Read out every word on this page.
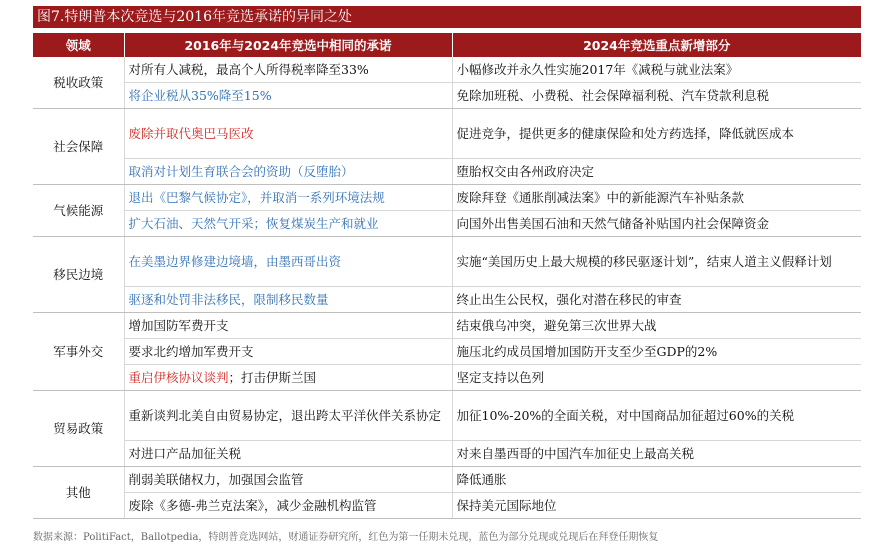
图7.特朗普本次竞选与2016年竞选承诺的异同之处
领域	2016年与2024年竞选中相同的承诺	2024年竞选重点新增部分
税收政策	对所有人减税，最高个人所得税率降至33%	小幅修改并永久性实施2017年《减税与就业法案》
	将企业税从35%降至15%	免除加班税、小费税、社会保障福利税、汽车贷款利息税
社会保障	废除并取代奥巴马医改	促进竞争，提供更多的健康保险和处方药选择，降低就医成本
	取消对计划生育联合会的资助（反堕胎）	堕胎权交由各州政府决定
气候能源	退出《巴黎气候协定》，并取消一系列环境法规	废除拜登《通胀削减法案》中的新能源汽车补贴条款
	扩大石油、天然气开采；恢复煤炭生产和就业	向国外出售美国石油和天然气储备补贴国内社会保障资金
移民边境	在美墨边界修建边境墙，由墨西哥出资	实施“美国历史上最大规模的移民驱逐计划”，结束人道主义假释计划
	驱逐和处罚非法移民，限制移民数量	终止出生公民权，强化对潜在移民的审查
军事外交	增加国防军费开支	结束俄乌冲突，避免第三次世界大战
	要求北约增加军费开支	施压北约成员国增加国防开支至少至GDP的2%
	重启伊核协议谈判；打击伊斯兰国	坚定支持以色列
贸易政策	重新谈判北美自由贸易协定，退出跨太平洋伙伴关系协定	加征10%-20%的全面关税，对中国商品加征超过60%的关税
	对进口产品加征关税	对来自墨西哥的中国汽车加征史上最高关税
其他	削弱美联储权力，加强国会监管	降低通胀
	废除《多德-弗兰克法案》，减少金融机构监管	保持美元国际地位
数据来源：PolitiFact，Ballotpedia，特朗普竞选网站，财通证券研究所，红色为第一任期未兑现，蓝色为部分兑现或兑现后在拜登任期恢复
